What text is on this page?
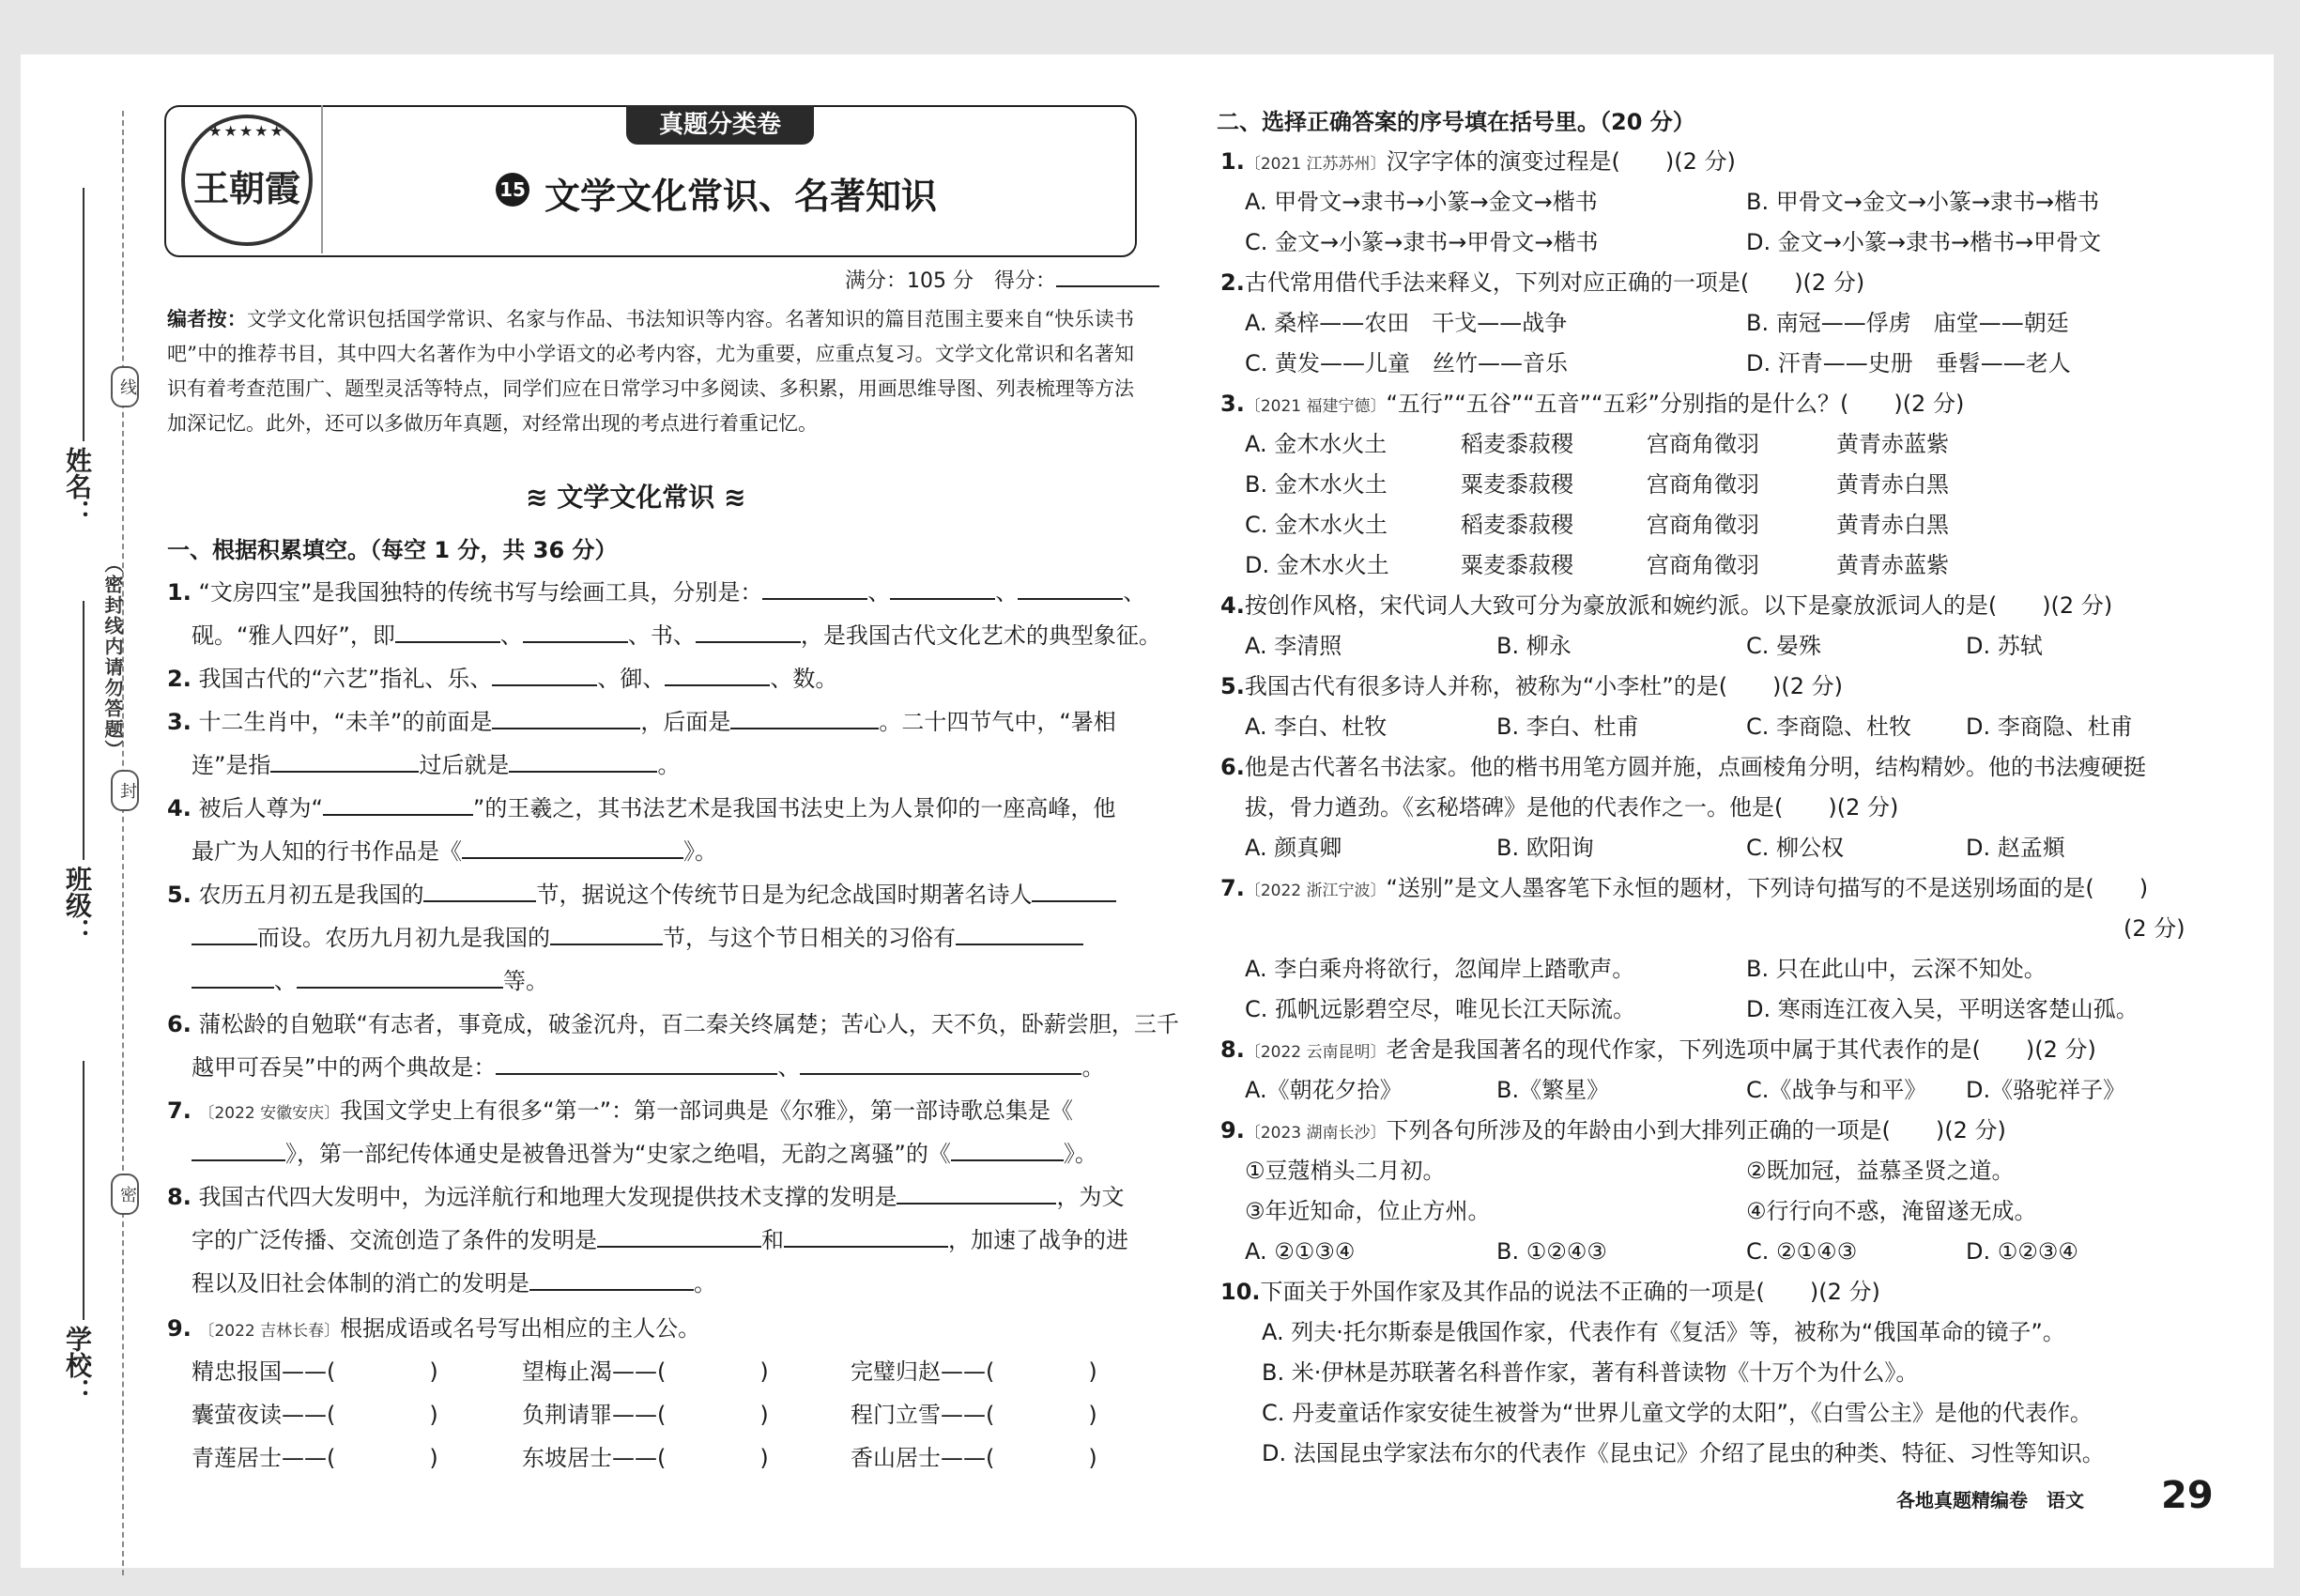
姓名：
班级：
学校：
线
封
密
（密封线内请勿答题）
★★★★★
王朝霞
真题分类卷
15 文学文化常识、名著知识
满分：105 分　得分：
编者按：文学文化常识包括国学常识、名家与作品、书法知识等内容。名著知识的篇目范围主要来自“快乐读书吧”中的推荐书目，其中四大名著作为中小学语文的必考内容，尤为重要，应重点复习。文学文化常识和名著知识有着考查范围广、题型灵活等特点，同学们应在日常学习中多阅读、多积累，用画思维导图、列表梳理等方法加深记忆。此外，还可以多做历年真题，对经常出现的考点进行着重记忆。
≋ 文学文化常识 ≋
一、根据积累填空。（每空 1 分，共 36 分）
1. “文房四宝”是我国独特的传统书写与绘画工具，分别是：	、	、	、
砚。“雅人四好”，即	、	、书、	，是我国古代文化艺术的典型象征。
2. 我国古代的“六艺”指礼、乐、	、御、	、数。
3. 十二生肖中，“未羊”的前面是	，后面是	。二十四节气中，“暑相
连”是指	过后就是	。
4. 被后人尊为“	”的王羲之，其书法艺术是我国书法史上为人景仰的一座高峰，他
最广为人知的行书作品是《	》。
5. 农历五月初五是我国的	节，据说这个传统节日是为纪念战国时期著名诗人
而设。农历九月初九是我国的	节，与这个节日相关的习俗有
、	等。
6. 蒲松龄的自勉联“有志者，事竟成，破釜沉舟，百二秦关终属楚；苦心人，天不负，卧薪尝胆，三千
越甲可吞吴”中的两个典故是：	、	。
7. 〔2022 安徽安庆〕我国文学史上有很多“第一”：第一部词典是《尔雅》，第一部诗歌总集是《
》，第一部纪传体通史是被鲁迅誉为“史家之绝唱，无韵之离骚”的《	》。
8. 我国古代四大发明中，为远洋航行和地理大发现提供技术支撑的发明是	，为文
字的广泛传播、交流创造了条件的发明是	和	，加速了战争的进
程以及旧社会体制的消亡的发明是	。
9. 〔2022 吉林长春〕根据成语或名号写出相应的主人公。
精忠报国——(	)	望梅止渴——(	)	完璧归赵——(	)
囊萤夜读——(	)	负荆请罪——(	)	程门立雪——(	)
青莲居士——(	)	东坡居士——(	)	香山居士——(	)
二、选择正确答案的序号填在括号里。（20 分）
1.〔2021 江苏苏州〕汉字字体的演变过程是(　　)(2 分)
A. 甲骨文→隶书→小篆→金文→楷书	B. 甲骨文→金文→小篆→隶书→楷书
C. 金文→小篆→隶书→甲骨文→楷书	D. 金文→小篆→隶书→楷书→甲骨文
2.古代常用借代手法来释义，下列对应正确的一项是(　　)(2 分)
A. 桑梓——农田　干戈——战争	B. 南冠——俘虏　庙堂——朝廷
C. 黄发——儿童　丝竹——音乐	D. 汗青——史册　垂髫——老人
3.〔2021 福建宁德〕“五行”“五谷”“五音”“五彩”分别指的是什么？(　　)(2 分)
A. 金木水火土	稻麦黍菽稷	宫商角徵羽	黄青赤蓝紫
B. 金木水火土	粟麦黍菽稷	宫商角徵羽	黄青赤白黑
C. 金木水火土	稻麦黍菽稷	宫商角徵羽	黄青赤白黑
D. 金木水火土	粟麦黍菽稷	宫商角徵羽	黄青赤蓝紫
4.按创作风格，宋代词人大致可分为豪放派和婉约派。以下是豪放派词人的是(　　)(2 分)
A. 李清照	B. 柳永	C. 晏殊	D. 苏轼
5.我国古代有很多诗人并称，被称为“小李杜”的是(　　)(2 分)
A. 李白、杜牧	B. 李白、杜甫	C. 李商隐、杜牧 D. 李商隐、杜甫
6.他是古代著名书法家。他的楷书用笔方圆并施，点画棱角分明，结构精妙。他的书法瘦硬挺
拔，骨力遒劲。《玄秘塔碑》是他的代表作之一。他是(　　)(2 分)
A. 颜真卿	B. 欧阳询	C. 柳公权	D. 赵孟頫
7.〔2022 浙江宁波〕“送别”是文人墨客笔下永恒的题材，下列诗句描写的不是送别场面的是(　　)
(2 分)
A. 李白乘舟将欲行，忽闻岸上踏歌声。	B. 只在此山中，云深不知处。
C. 孤帆远影碧空尽，唯见长江天际流。	D. 寒雨连江夜入吴，平明送客楚山孤。
8.〔2022 云南昆明〕老舍是我国著名的现代作家，下列选项中属于其代表作的是(　　)(2 分)
A.《朝花夕拾》	B.《繁星》	C.《战争与和平》 D.《骆驼祥子》
9.〔2023 湖南长沙〕下列各句所涉及的年龄由小到大排列正确的一项是(　　)(2 分)
①豆蔻梢头二月初。	②既加冠，益慕圣贤之道。
③年近知命，位止方州。	④行行向不惑，淹留遂无成。
A. ②①③④	B. ①②④③	C. ②①④③	D. ①②③④
10.下面关于外国作家及其作品的说法不正确的一项是(　　)(2 分)
A. 列夫·托尔斯泰是俄国作家，代表作有《复活》等，被称为“俄国革命的镜子”。
B. 米·伊林是苏联著名科普作家，著有科普读物《十万个为什么》。
C. 丹麦童话作家安徒生被誉为“世界儿童文学的太阳”，《白雪公主》是他的代表作。
D. 法国昆虫学家法布尔的代表作《昆虫记》介绍了昆虫的种类、特征、习性等知识。
各地真题精编卷　语文 29
